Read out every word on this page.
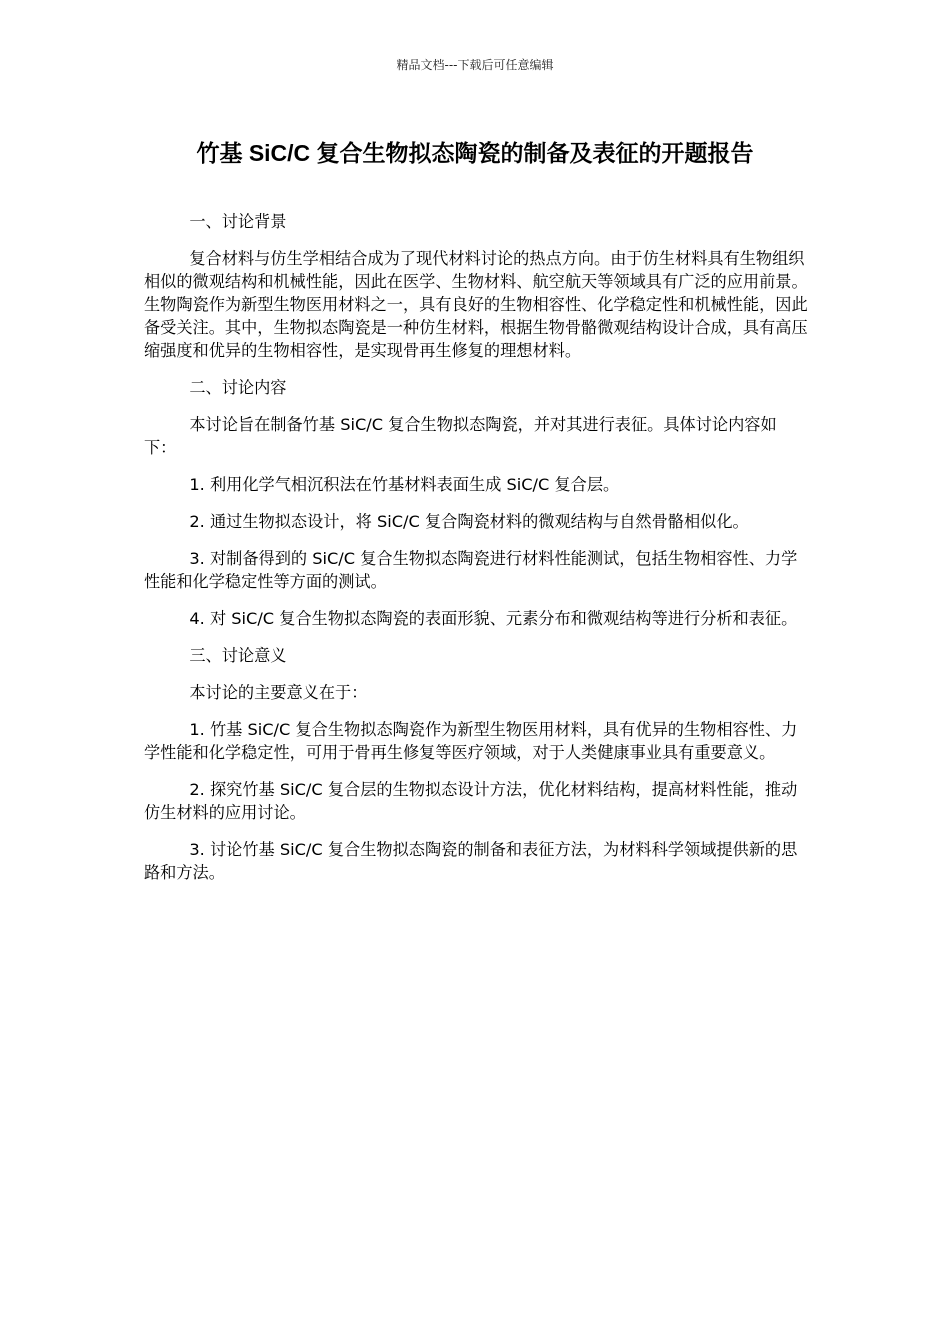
精品文档---下载后可任意编辑
竹基 SiC/C 复合生物拟态陶瓷的制备及表征的开题报告

一、讨论背景

复合材料与仿生学相结合成为了现代材料讨论的热点方向。由于仿生材料具有生物组织相似的微观结构和机械性能，因此在医学、生物材料、航空航天等领域具有广泛的应用前景。生物陶瓷作为新型生物医用材料之一，具有良好的生物相容性、化学稳定性和机械性能，因此备受关注。其中，生物拟态陶瓷是一种仿生材料，根据生物骨骼微观结构设计合成，具有高压缩强度和优异的生物相容性，是实现骨再生修复的理想材料。

二、讨论内容

本讨论旨在制备竹基 SiC/C 复合生物拟态陶瓷，并对其进行表征。具体讨论内容如下：

1. 利用化学气相沉积法在竹基材料表面生成 SiC/C 复合层。

2. 通过生物拟态设计，将 SiC/C 复合陶瓷材料的微观结构与自然骨骼相似化。

3. 对制备得到的 SiC/C 复合生物拟态陶瓷进行材料性能测试，包括生物相容性、力学性能和化学稳定性等方面的测试。

4. 对 SiC/C 复合生物拟态陶瓷的表面形貌、元素分布和微观结构等进行分析和表征。

三、讨论意义

本讨论的主要意义在于：

1. 竹基 SiC/C 复合生物拟态陶瓷作为新型生物医用材料，具有优异的生物相容性、力学性能和化学稳定性，可用于骨再生修复等医疗领域，对于人类健康事业具有重要意义。

2. 探究竹基 SiC/C 复合层的生物拟态设计方法，优化材料结构，提高材料性能，推动仿生材料的应用讨论。

3. 讨论竹基 SiC/C 复合生物拟态陶瓷的制备和表征方法，为材料科学领域提供新的思路和方法。
